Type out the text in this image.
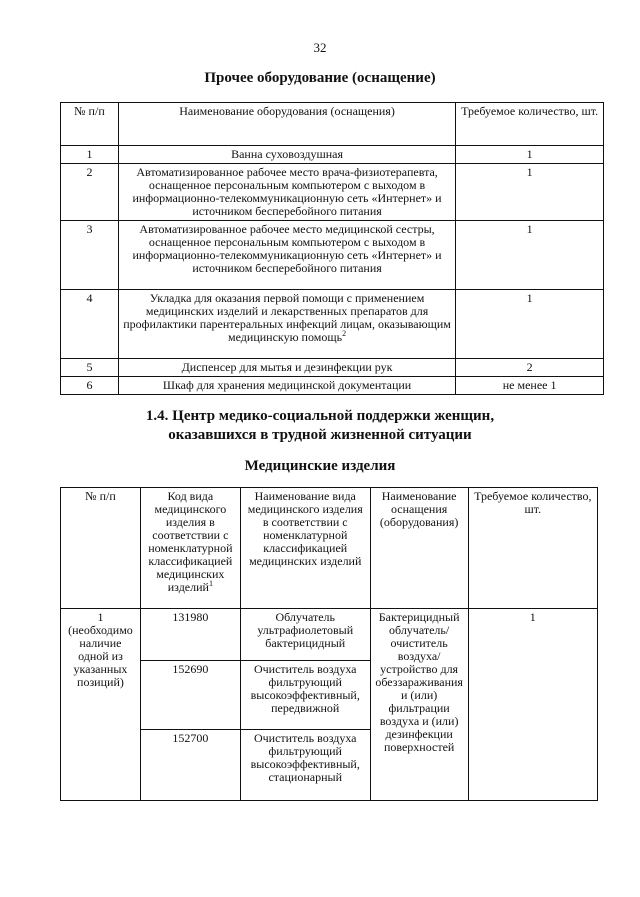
32
Прочее оборудование (оснащение)
№ п/п	Наименование оборудования (оснащения)	Требуемое количество, шт.
1	Ванна суховоздушная	1
2	Автоматизированное рабочее место врача-физиотерапевта, оснащенное персональным компьютером с выходом в информационно-телекоммуникационную сеть «Интернет» и источником бесперебойного питания	1
3	Автоматизированное рабочее место медицинской сестры, оснащенное персональным компьютером с выходом в информационно-телекоммуникационную сеть «Интернет» и источником бесперебойного питания	1
4	Укладка для оказания первой помощи с применением медицинских изделий и лекарственных препаратов для профилактики парентеральных инфекций лицам, оказывающим медицинскую помощь$^2$	1
5	Диспенсер для мытья и дезинфекции рук	2
6	Шкаф для хранения медицинской документации	не менее 1
1.4. Центр медико-социальной поддержки женщин,
оказавшихся в трудной жизненной ситуации
Медицинские изделия
№ п/п	Код вида медицинского изделия в соответствии с номенклатурной классификацией медицинских изделий$^1$	Наименование вида медицинского изделия в соответствии с номенклатурной классификацией медицинских изделий	Наименование оснащения (оборудования)	Требуемое количество, шт.
1 (необходимо наличие одной из указанных позиций)	131980	Облучатель ультрафиолетовый бактерицидный	Бактерицидный облучатель/ очиститель воздуха/ устройство для обеззараживания и (или) фильтрации воздуха и (или) дезинфекции поверхностей	1
	152690	Очиститель воздуха фильтрующий высокоэффективный, передвижной		
	152700	Очиститель воздуха фильтрующий высокоэффективный, стационарный		
